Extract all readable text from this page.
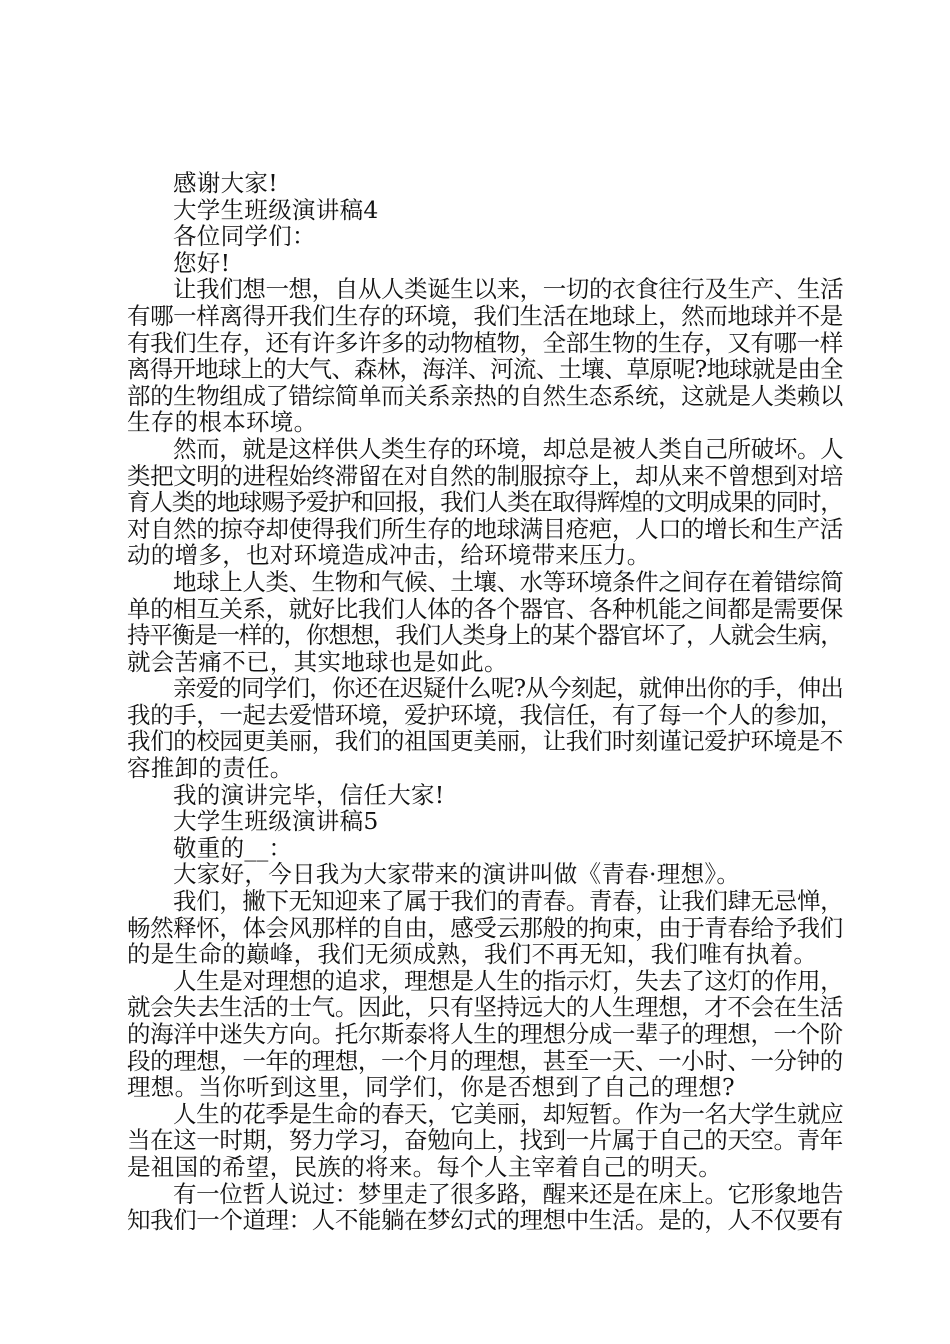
感谢大家!
大学生班级演讲稿4
各位同学们：
您好!
让我们想一想，自从人类诞生以来，一切的衣食往行及生产、生活
有哪一样离得开我们生存的环境，我们生活在地球上，然而地球并不是
有我们生存，还有许多许多的动物植物，全部生物的生存，又有哪一样
离得开地球上的大气、森林，海洋、河流、土壤、草原呢?地球就是由全
部的生物组成了错综简单而关系亲热的自然生态系统，这就是人类赖以
生存的根本环境。
然而，就是这样供人类生存的环境，却总是被人类自己所破坏。人
类把文明的进程始终滞留在对自然的制服掠夺上，却从来不曾想到对培
育人类的地球赐予爱护和回报，我们人类在取得辉煌的文明成果的同时，
对自然的掠夺却使得我们所生存的地球满目疮疤，人口的增长和生产活
动的增多，也对环境造成冲击，给环境带来压力。
地球上人类、生物和气候、土壤、水等环境条件之间存在着错综简
单的相互关系，就好比我们人体的各个器官、各种机能之间都是需要保
持平衡是一样的，你想想，我们人类身上的某个器官坏了，人就会生病，
就会苦痛不已，其实地球也是如此。
亲爱的同学们，你还在迟疑什么呢?从今刻起，就伸出你的手，伸出
我的手，一起去爱惜环境，爱护环境，我信任，有了每一个人的参加，
我们的校园更美丽，我们的祖国更美丽，让我们时刻谨记爱护环境是不
容推卸的责任。
我的演讲完毕，信任大家!
大学生班级演讲稿5
敬重的__：
大家好，今日我为大家带来的演讲叫做《青春·理想》。
我们，撇下无知迎来了属于我们的青春。青春，让我们肆无忌惮，
畅然释怀，体会风那样的自由，感受云那般的拘束，由于青春给予我们
的是生命的巅峰，我们无须成熟，我们不再无知，我们唯有执着。
人生是对理想的追求，理想是人生的指示灯，失去了这灯的作用，
就会失去生活的士气。因此，只有坚持远大的人生理想，才不会在生活
的海洋中迷失方向。托尔斯泰将人生的理想分成一辈子的理想，一个阶
段的理想，一年的理想，一个月的理想，甚至一天、一小时、一分钟的
理想。当你听到这里，同学们，你是否想到了自己的理想?
人生的花季是生命的春天，它美丽，却短暂。作为一名大学生就应
当在这一时期，努力学习，奋勉向上，找到一片属于自己的天空。青年
是祖国的希望，民族的将来。每个人主宰着自己的明天。
有一位哲人说过：梦里走了很多路，醒来还是在床上。它形象地告
知我们一个道理：人不能躺在梦幻式的理想中生活。是的，人不仅要有
